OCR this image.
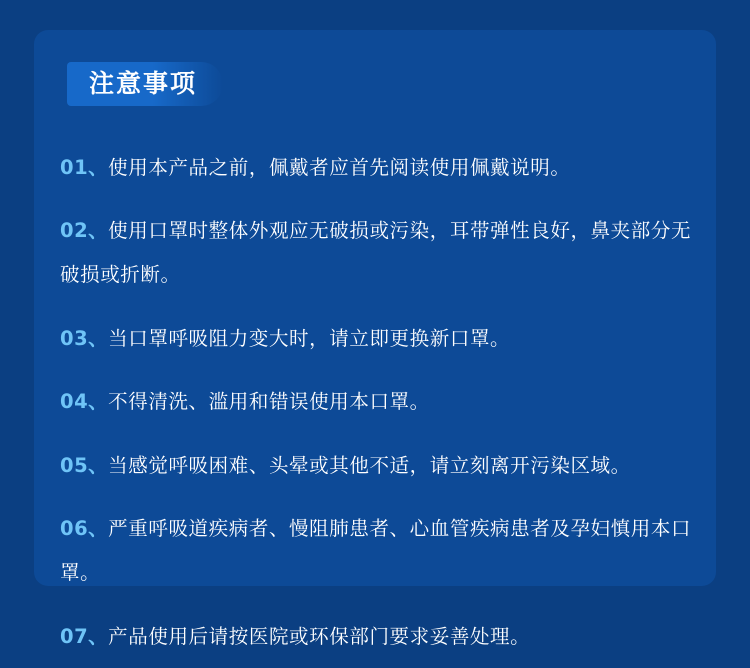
注意事项

01、使用本产品之前，佩戴者应首先阅读使用佩戴说明。

02、使用口罩时整体外观应无破损或污染，耳带弹性良好，鼻夹部分无破损或折断。

03、当口罩呼吸阻力变大时，请立即更换新口罩。

04、不得清洗、滥用和错误使用本口罩。

05、当感觉呼吸困难、头晕或其他不适，请立刻离开污染区域。

06、严重呼吸道疾病者、慢阻肺患者、心血管疾病患者及孕妇慎用本口罩。

07、产品使用后请按医院或环保部门要求妥善处理。
